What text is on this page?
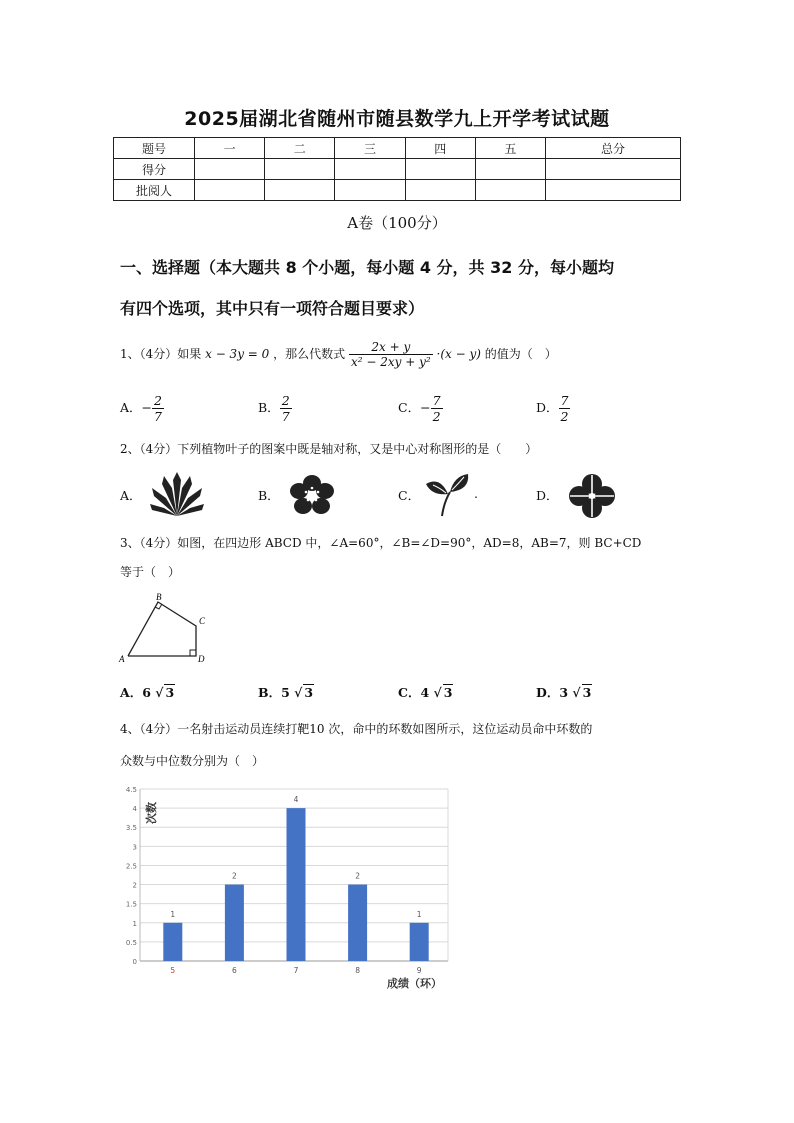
2025届湖北省随州市随县数学九上开学考试试题
题号	一	二	三	四	五	总分
得分						
批阅人						
A卷（100分）
一、选择题（本大题共 8 个小题，每小题 4 分，共 32 分，每小题均
有四个选项，其中只有一项符合题目要求）
1、（4分）如果 x − 3y = 0 ，那么代数式 $\frac{2x + y}{\text{x² − 2xy + y²}} \cdot(x - y)$ 的值为（　）
A．− $\frac{2}{7}$	B． $\frac{2}{7}$	C．− $\frac{7}{2}$	D． $\frac{7}{2}$
2、（4分）下列植物叶子的图案中既是轴对称，又是中心对称图形的是（　　）
A．	B．	C．	.	D．
3、（4分）如图，在四边形 ABCD 中，∠A=60°，∠B=∠D=90°，AD=8，AB=7，则 BC+CD
等于（　）
A
B
C
D
A．6 √ 3	B．5 √ 3	C．4 √ 3	D．3 √ 3
4、（4分）一名射击运动员连续打靶10 次，命中的环数如图所示，这位运动员命中环数的
众数与中位数分别为（　）
0
0.5
1
1.5
2
2.5
3
3.5
4
4.5
1
2
4
2
1
5	6	7	8	9
次数
成绩（环）
